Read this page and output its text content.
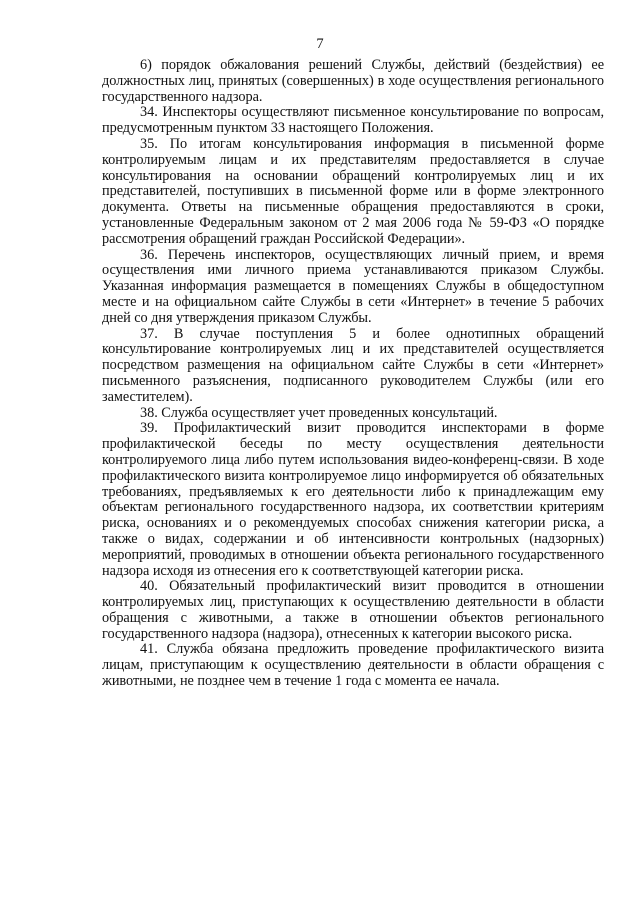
7

6) порядок обжалования решений Службы, действий (бездействия) ее должностных лиц, принятых (совершенных) в ходе осуществления регионального государственного надзора.

34. Инспекторы осуществляют письменное консультирование по вопросам, предусмотренным пунктом 33 настоящего Положения.

35. По итогам консультирования информация в письменной форме контролируемым лицам и их представителям предоставляется в случае консультирования на основании обращений контролируемых лиц и их представителей, поступивших в письменной форме или в форме электронного документа. Ответы на письменные обращения предоставляются в сроки, установленные Федеральным законом от 2 мая 2006 года № 59-ФЗ «О порядке рассмотрения обращений граждан Российской Федерации».

36. Перечень инспекторов, осуществляющих личный прием, и время осуществления ими личного приема устанавливаются приказом Службы. Указанная информация размещается в помещениях Службы в общедоступном месте и на официальном сайте Службы в сети «Интернет» в течение 5 рабочих дней со дня утверждения приказом Службы.

37. В случае поступления 5 и более однотипных обращений консультирование контролируемых лиц и их представителей осуществляется посредством размещения на официальном сайте Службы в сети «Интернет» письменного разъяснения, подписанного руководителем Службы (или его заместителем).

38. Служба осуществляет учет проведенных консультаций.

39. Профилактический визит проводится инспекторами в форме профилактической беседы по месту осуществления деятельности контролируемого лица либо путем использования видео-конференц-связи. В ходе профилактического визита контролируемое лицо информируется об обязательных требованиях, предъявляемых к его деятельности либо к принадлежащим ему объектам регионального государственного надзора, их соответствии критериям риска, основаниях и о рекомендуемых способах снижения категории риска, а также о видах, содержании и об интенсивности контрольных (надзорных) мероприятий, проводимых в отношении объекта регионального государственного надзора исходя из отнесения его к соответствующей категории риска.

40. Обязательный профилактический визит проводится в отношении контролируемых лиц, приступающих к осуществлению деятельности в области обращения с животными, а также в отношении объектов регионального государственного надзора (надзора), отнесенных к категории высокого риска.

41. Служба обязана предложить проведение профилактического визита лицам, приступающим к осуществлению деятельности в области обращения с животными, не позднее чем в течение 1 года с момента ее начала.
